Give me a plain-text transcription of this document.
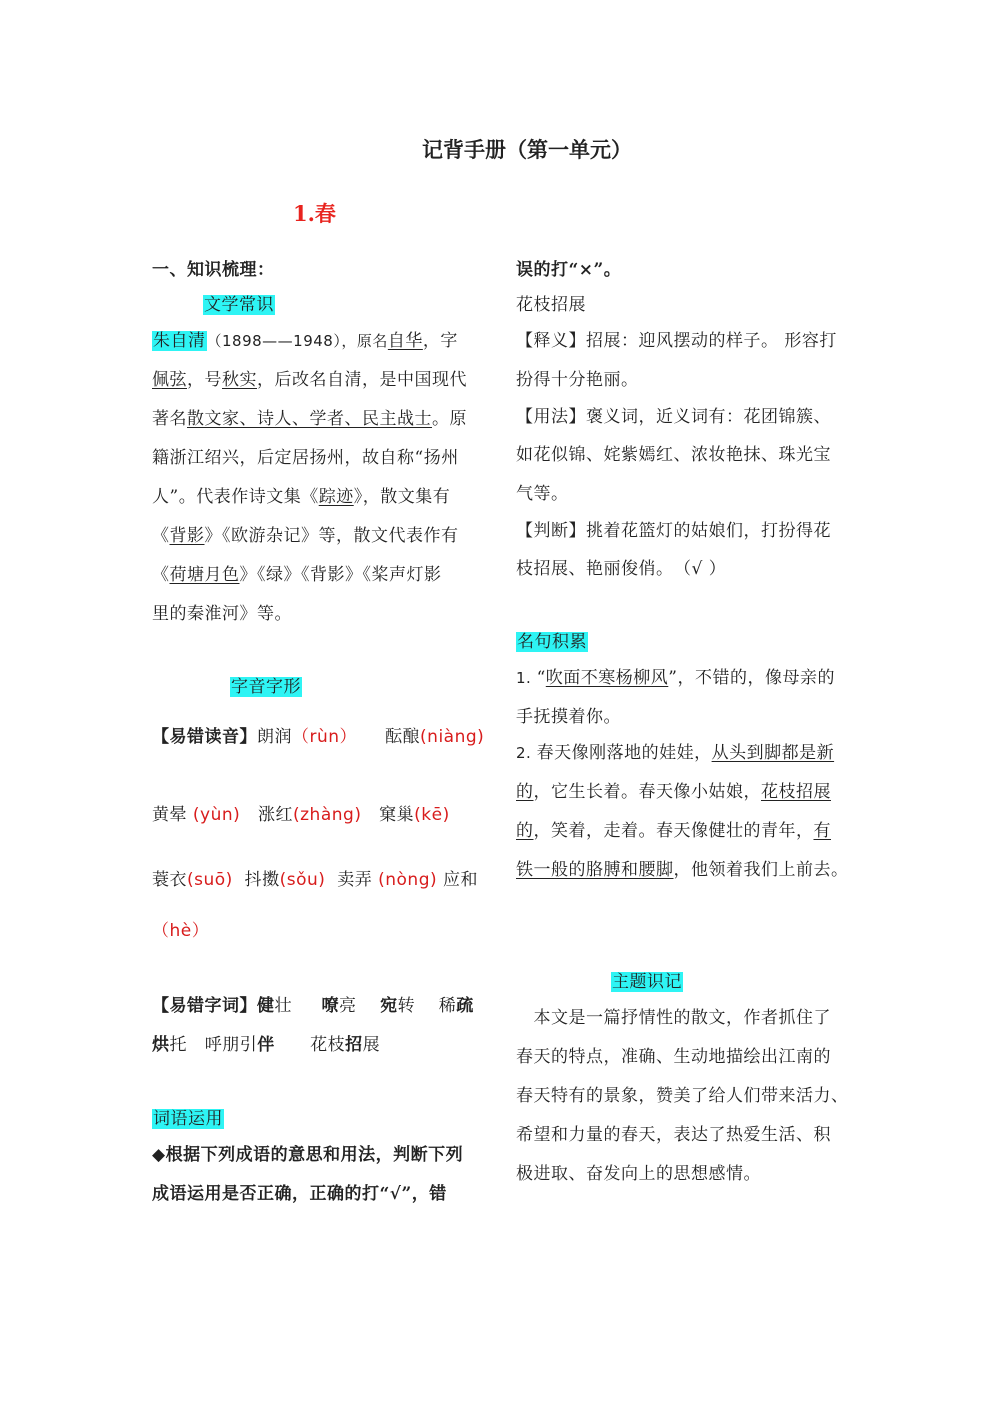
记背手册（第一单元）
1.春
一、知识梳理：
文学常识
朱自清（1898——1948），原名自华，字
佩弦，号秋实，后改名自清，是中国现代
著名散文家、诗人、学者、民主战士。原
籍浙江绍兴，后定居扬州，故自称“扬州
人”。代表作诗文集《踪迹》，散文集有
《背影》《欧游杂记》等，散文代表作有
《荷塘月色》《绿》《背影》《桨声灯影
里的秦淮河》等。
字音字形
【易错读音】朗润（rùn） 酝酿(niàng)
黄晕 (yùn) 涨红(zhàng) 窠巢(kē)
蓑衣(suō) 抖擞(sǒu) 卖弄 (nòng) 应和
（hè）
【易错字词】健壮 嘹亮 宛转 稀疏
烘托 呼朋引伴 花枝招展
词语运用
◆根据下列成语的意思和用法，判断下列
成语运用是否正确，正确的打“√”，错
误的打“×”。
花枝招展
【释义】招展：迎风摆动的样子。 形容打
扮得十分艳丽。
【用法】褒义词，近义词有：花团锦簇、
如花似锦、姹紫嫣红、浓妆艳抹、珠光宝
气等。
【判断】挑着花篮灯的姑娘们，打扮得花
枝招展、艳丽俊俏。　（√ ）
名句积累
1. “吹面不寒杨柳风”，不错的，像母亲的
手抚摸着你。
2. 春天像刚落地的娃娃，从头到脚都是新
的，它生长着。春天像小姑娘，花枝招展
的，笑着，走着。春天像健壮的青年，有
铁一般的胳膊和腰脚，他领着我们上前去。
主题识记
　本文是一篇抒情性的散文，作者抓住了
春天的特点，准确、生动地描绘出江南的
春天特有的景象，赞美了给人们带来活力、
希望和力量的春天，表达了热爱生活、积
极进取、奋发向上的思想感情。
